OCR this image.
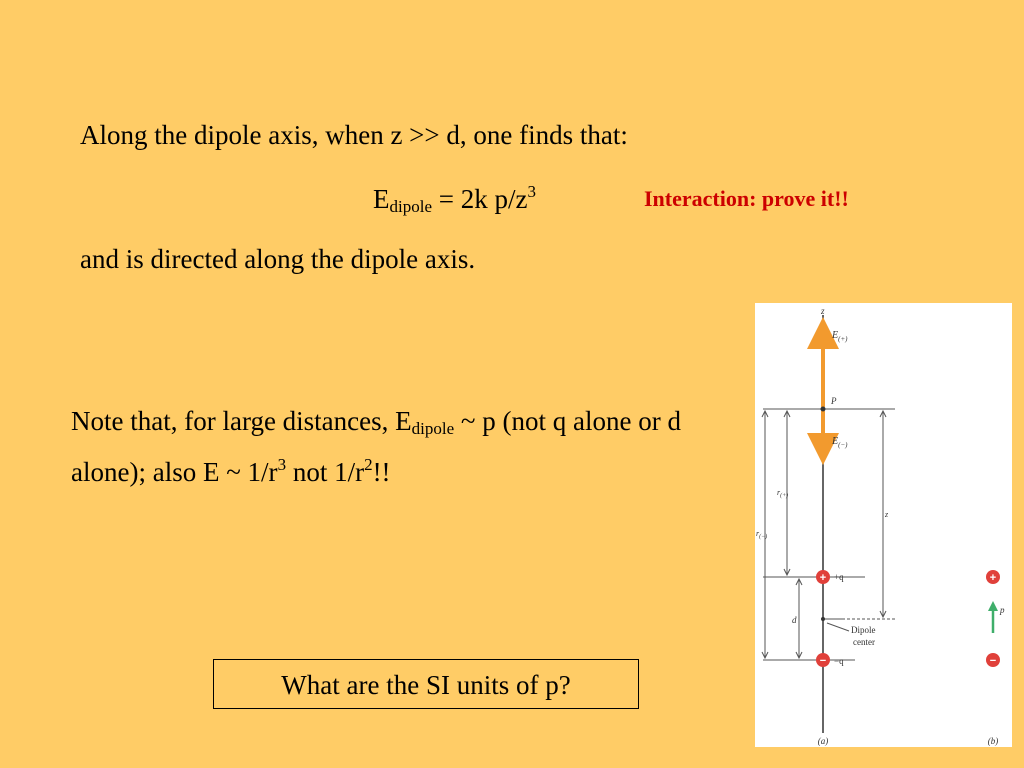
Along the dipole axis, when z >> d, one finds that:
$E_{dipole} = 2k$ $p/z^3$	Interaction: prove it!!
and is directed along the dipole axis.
Note that, for large distances, $E_{dipole}$ ~ p (not q alone or d alone); also E ~ $1/r^3$ not $1/r^2$!!
What are the SI units of p?
z
$E_{(+)}$
$E_{(-)}$
P
$r_{(+)}$
$r_{(-)}$
z
d
+ +q
− −q
Dipole
center
(a)
+
p
−
(b)
